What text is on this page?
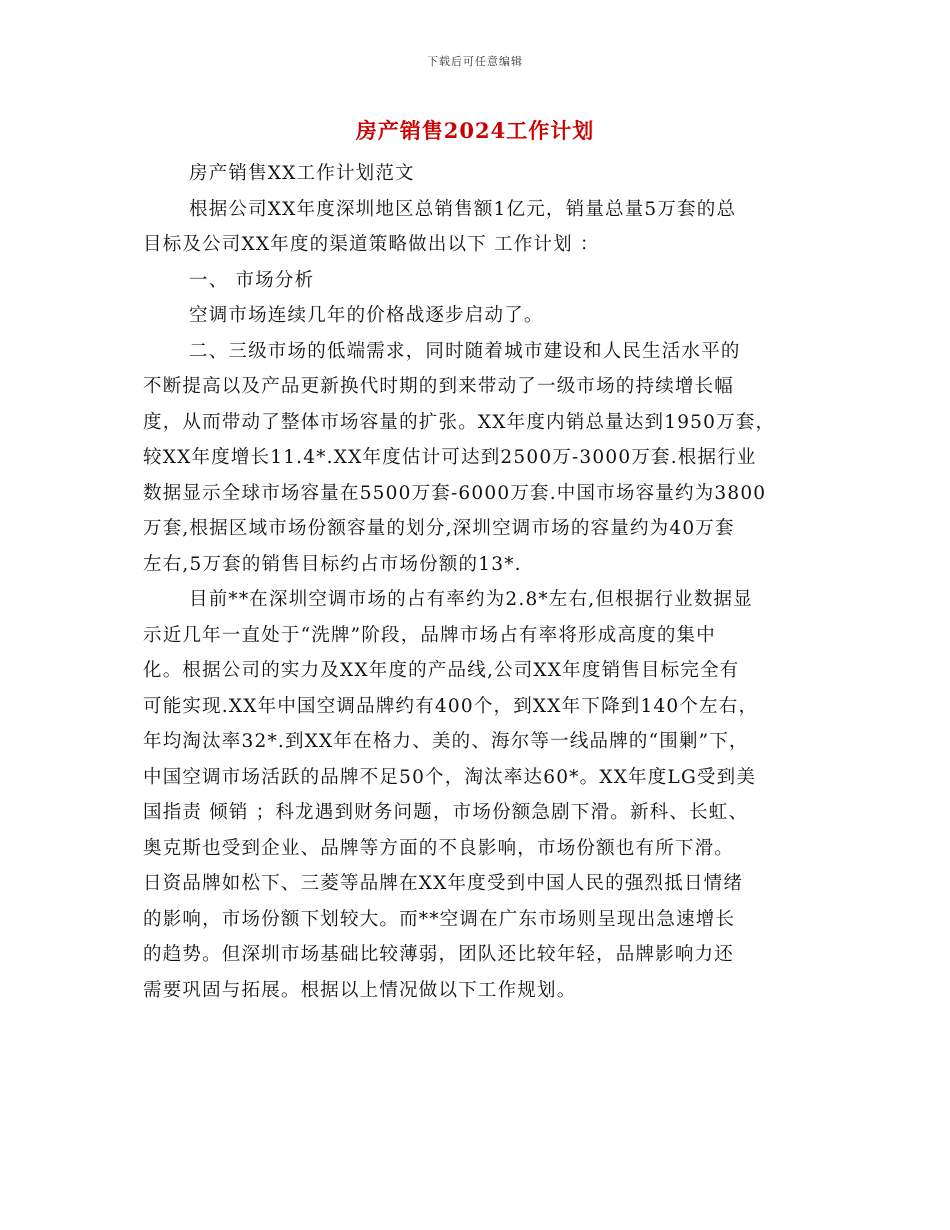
下载后可任意编辑
房产销售2024工作计划
房产销售XX工作计划范文
根据公司XX年度深圳地区总销售额1亿元，销量总量5万套的总
目标及公司XX年度的渠道策略做出以下 工作计划 ：
一、 市场分析
空调市场连续几年的价格战逐步启动了。
二、三级市场的低端需求，同时随着城市建设和人民生活水平的
不断提高以及产品更新换代时期的到来带动了一级市场的持续增长幅
度，从而带动了整体市场容量的扩张。XX年度内销总量达到1950万套，
较XX年度增长11.4*.XX年度估计可达到2500万-3000万套.根据行业
数据显示全球市场容量在5500万套-6000万套.中国市场容量约为3800
万套,根据区域市场份额容量的划分,深圳空调市场的容量约为40万套
左右,5万套的销售目标约占市场份额的13*.
目前**在深圳空调市场的占有率约为2.8*左右,但根据行业数据显
示近几年一直处于“洗牌”阶段，品牌市场占有率将形成高度的集中
化。根据公司的实力及XX年度的产品线,公司XX年度销售目标完全有
可能实现.XX年中国空调品牌约有400个，到XX年下降到140个左右，
年均淘汰率32*.到XX年在格力、美的、海尔等一线品牌的“围剿”下，
中国空调市场活跃的品牌不足50个，淘汰率达60*。XX年度LG受到美
国指责 倾销 ；科龙遇到财务问题，市场份额急剧下滑。新科、长虹、
奥克斯也受到企业、品牌等方面的不良影响，市场份额也有所下滑。
日资品牌如松下、三菱等品牌在XX年度受到中国人民的强烈抵日情绪
的影响，市场份额下划较大。而**空调在广东市场则呈现出急速增长
的趋势。但深圳市场基础比较薄弱，团队还比较年轻，品牌影响力还
需要巩固与拓展。根据以上情况做以下工作规划。
